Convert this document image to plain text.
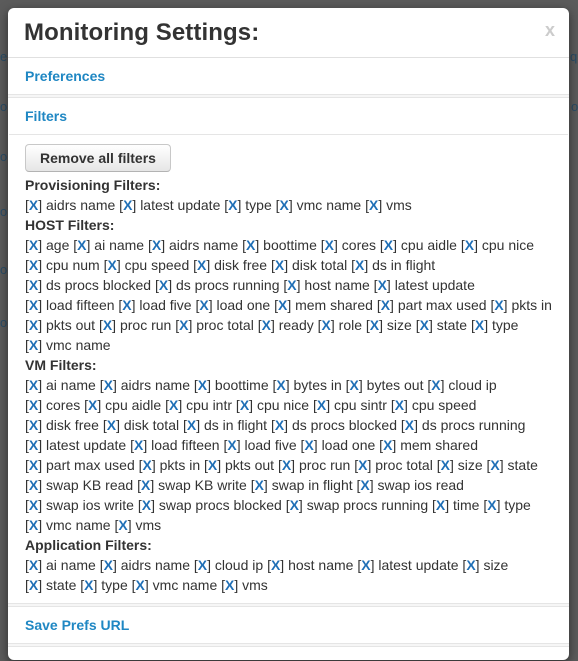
e	q
o	o
o
o
o
o
Monitoring Settings:	x
Preferences
Filters
Remove all filters
Provisioning Filters:
[X] aidrs name [X] latest update [X] type [X] vmc name [X] vms
HOST Filters:
[X] age [X] ai name [X] aidrs name [X] boottime [X] cores [X] cpu aidle [X] cpu nice [X] cpu num [X] cpu speed [X] disk free [X] disk total [X] ds in flight [X] ds procs blocked [X] ds procs running [X] host name [X] latest update [X] load fifteen [X] load five [X] load one [X] mem shared [X] part max used [X] pkts in [X] pkts out [X] proc run [X] proc total [X] ready [X] role [X] size [X] state [X] type [X] vmc name
VM Filters:
[X] ai name [X] aidrs name [X] boottime [X] bytes in [X] bytes out [X] cloud ip [X] cores [X] cpu aidle [X] cpu intr [X] cpu nice [X] cpu sintr [X] cpu speed [X] disk free [X] disk total [X] ds in flight [X] ds procs blocked [X] ds procs running [X] latest update [X] load fifteen [X] load five [X] load one [X] mem shared [X] part max used [X] pkts in [X] pkts out [X] proc run [X] proc total [X] size [X] state [X] swap KB read [X] swap KB write [X] swap in flight [X] swap ios read [X] swap ios write [X] swap procs blocked [X] swap procs running [X] time [X] type [X] vmc name [X] vms
Application Filters:
[X] ai name [X] aidrs name [X] cloud ip [X] host name [X] latest update [X] size [X] state [X] type [X] vmc name [X] vms
Save Prefs URL
